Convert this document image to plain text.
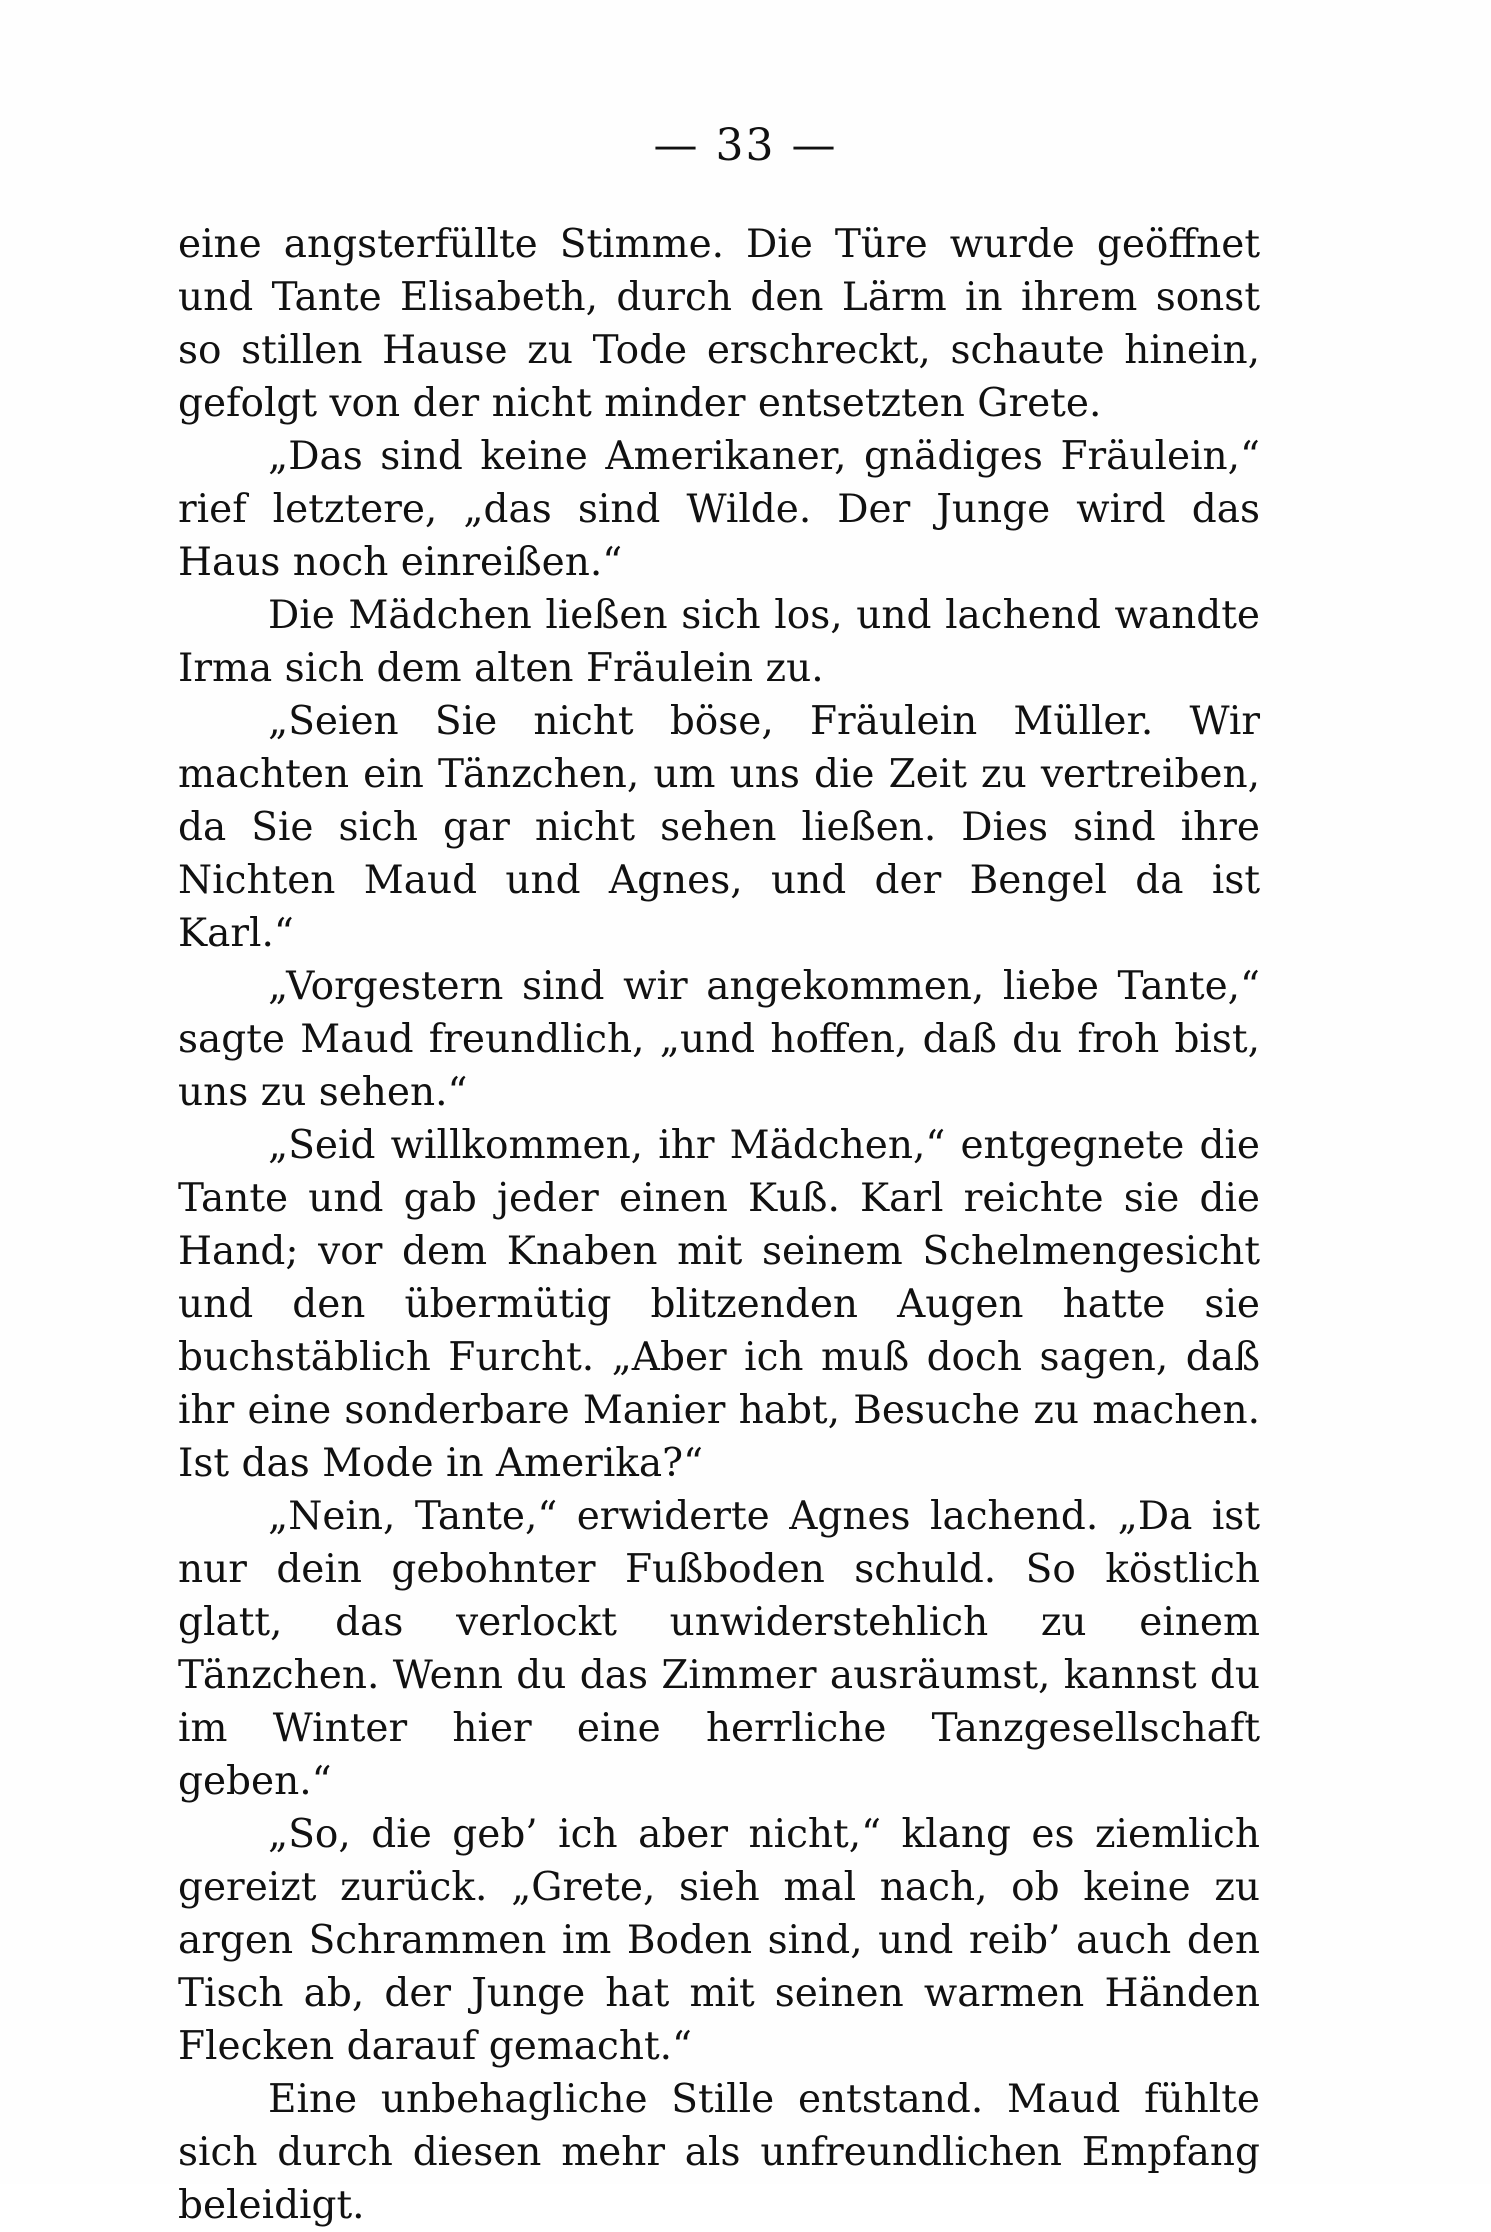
— 33 —

eine angsterfüllte Stimme. Die Türe wurde geöffnet und Tante Elisabeth, durch den Lärm in ihrem sonst so stillen Hause zu Tode erschreckt, schaute hinein, gefolgt von der nicht minder entsetzten Grete.

„Das sind keine Amerikaner, gnädiges Fräulein,“ rief letztere, „das sind Wilde. Der Junge wird das Haus noch einreißen.“

Die Mädchen ließen sich los, und lachend wandte Irma sich dem alten Fräulein zu.

„Seien Sie nicht böse, Fräulein Müller. Wir machten ein Tänzchen, um uns die Zeit zu vertreiben, da Sie sich gar nicht sehen ließen. Dies sind ihre Nichten Maud und Agnes, und der Bengel da ist Karl.“

„Vorgestern sind wir angekommen, liebe Tante,“ sagte Maud freundlich, „und hoffen, daß du froh bist, uns zu sehen.“

„Seid willkommen, ihr Mädchen,“ entgegnete die Tante und gab jeder einen Kuß. Karl reichte sie die Hand; vor dem Knaben mit seinem Schelmengesicht und den übermütig blitzenden Augen hatte sie buchstäblich Furcht. „Aber ich muß doch sagen, daß ihr eine sonderbare Manier habt, Besuche zu machen. Ist das Mode in Amerika?“

„Nein, Tante,“ erwiderte Agnes lachend. „Da ist nur dein gebohnter Fußboden schuld. So köstlich glatt, das verlockt unwiderstehlich zu einem Tänzchen. Wenn du das Zimmer ausräumst, kannst du im Winter hier eine herrliche Tanzgesellschaft geben.“

„So, die geb’ ich aber nicht,“ klang es ziemlich gereizt zurück. „Grete, sieh mal nach, ob keine zu argen Schrammen im Boden sind, und reib’ auch den Tisch ab, der Junge hat mit seinen warmen Händen Flecken darauf gemacht.“

Eine unbehagliche Stille entstand. Maud fühlte sich durch diesen mehr als unfreundlichen Empfang beleidigt.
